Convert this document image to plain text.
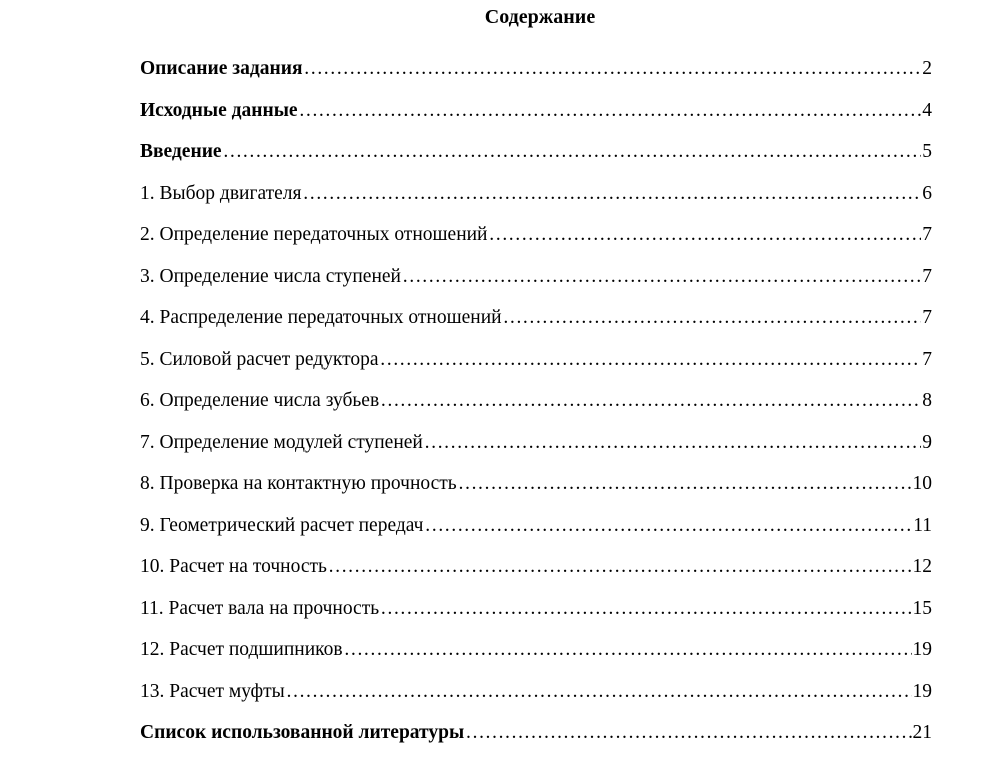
Содержание
Описание задания ……………………………………………………………………………………………………………………………………	2
Исходные данные ……………………………………………………………………………………………………………………………………	4
Введение ……………………………………………………………………………………………………………………………………	5
1. Выбор двигателя ……………………………………………………………………………………………………………………………………	6
2. Определение передаточных отношений ……………………………………………………………………………………………………………………………………	7
3. Определение числа ступеней ……………………………………………………………………………………………………………………………………	7
4. Распределение передаточных отношений ……………………………………………………………………………………………………………………………………	7
5. Силовой расчет редуктора ……………………………………………………………………………………………………………………………………	7
6. Определение числа зубьев ……………………………………………………………………………………………………………………………………	8
7. Определение модулей ступеней ……………………………………………………………………………………………………………………………………	9
8. Проверка на контактную прочность ……………………………………………………………………………………………………………………………………	10
9. Геометрический расчет передач ……………………………………………………………………………………………………………………………………	11
10. Расчет на точность ……………………………………………………………………………………………………………………………………	12
11. Расчет вала на прочность ……………………………………………………………………………………………………………………………………	15
12. Расчет подшипников ……………………………………………………………………………………………………………………………………	19
13. Расчет муфты ……………………………………………………………………………………………………………………………………	19
Список использованной литературы ……………………………………………………………………………………………………………………………………	21
